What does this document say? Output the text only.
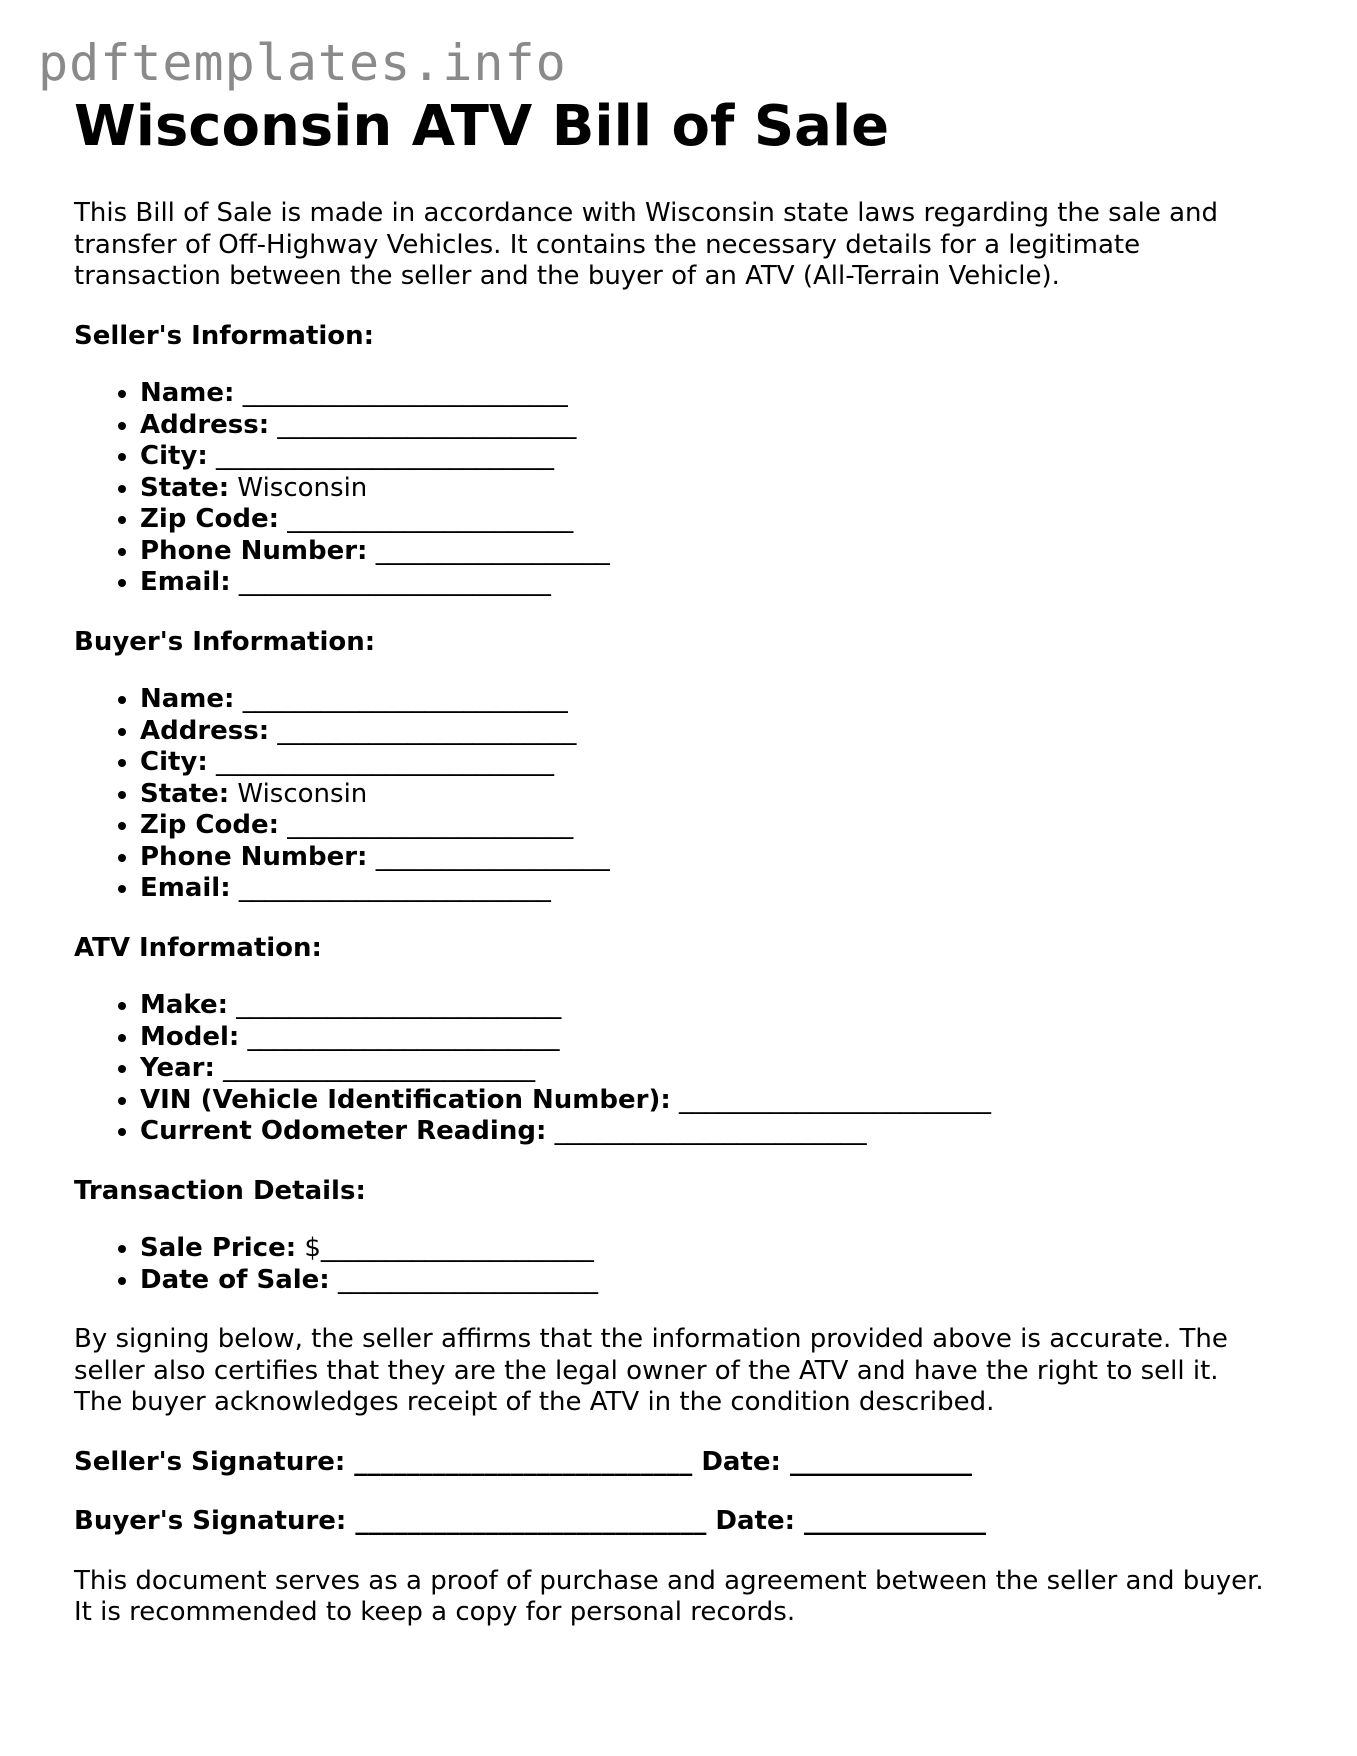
pdftemplates.info
Wisconsin ATV Bill of Sale

This Bill of Sale is made in accordance with Wisconsin state laws regarding the sale and transfer of Off-Highway Vehicles. It contains the necessary details for a legitimate transaction between the seller and the buyer of an ATV (All-Terrain Vehicle).

Seller's Information:

• Name: _________________________
• Address: _______________________
• City: __________________________
• State: Wisconsin
• Zip Code: ______________________
• Phone Number: __________________
• Email: ________________________

Buyer's Information:

• Name: _________________________
• Address: _______________________
• City: __________________________
• State: Wisconsin
• Zip Code: ______________________
• Phone Number: __________________
• Email: ________________________

ATV Information:

• Make: _________________________
• Model: ________________________
• Year: ________________________
• VIN (Vehicle Identification Number): ________________________
• Current Odometer Reading: ________________________

Transaction Details:

• Sale Price: $_____________________
• Date of Sale: ____________________

By signing below, the seller affirms that the information provided above is accurate. The seller also certifies that they are the legal owner of the ATV and have the right to sell it. The buyer acknowledges receipt of the ATV in the condition described.

Seller's Signature: __________________________ Date: ______________

Buyer's Signature: ___________________________ Date: ______________

This document serves as a proof of purchase and agreement between the seller and buyer. It is recommended to keep a copy for personal records.
